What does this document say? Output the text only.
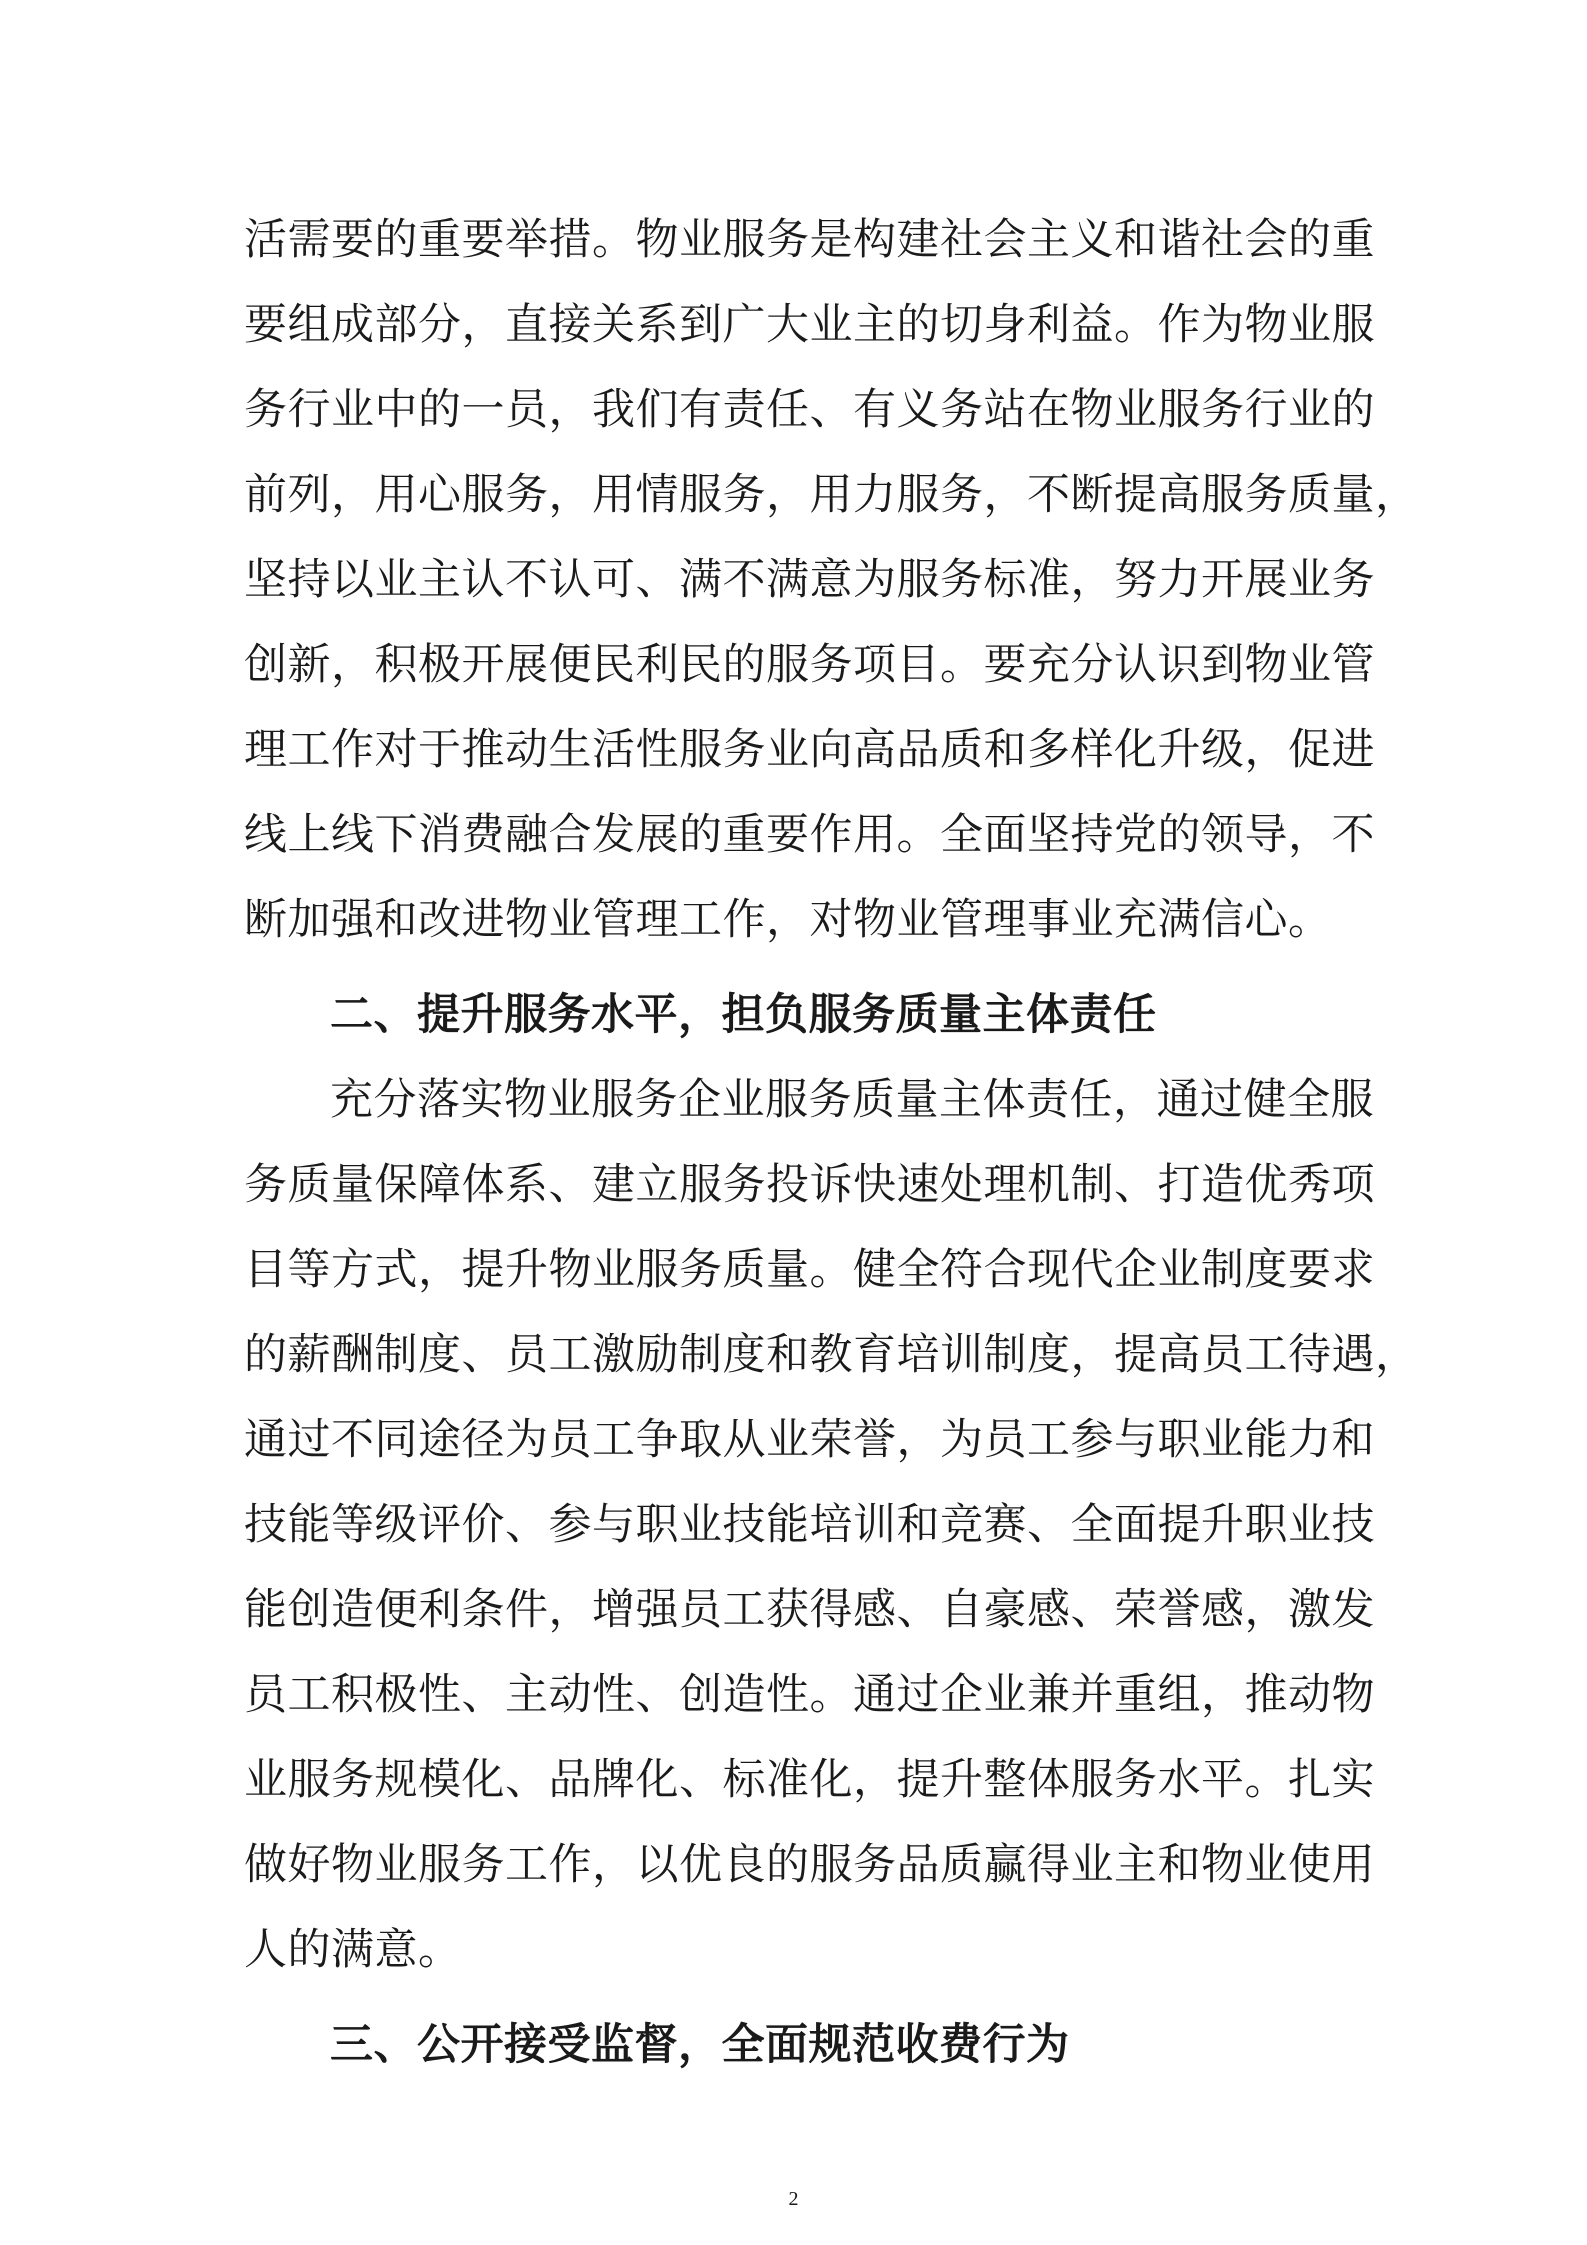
活需要的重要举措。物业服务是构建社会主义和谐社会的重
要组成部分，直接关系到广大业主的切身利益。作为物业服
务行业中的一员，我们有责任、有义务站在物业服务行业的
前列，用心服务，用情服务，用力服务，不断提高服务质量，
坚持以业主认不认可、满不满意为服务标准，努力开展业务
创新，积极开展便民利民的服务项目。要充分认识到物业管
理工作对于推动生活性服务业向高品质和多样化升级，促进
线上线下消费融合发展的重要作用。全面坚持党的领导，不
断加强和改进物业管理工作，对物业管理事业充满信心。
二、提升服务水平，担负服务质量主体责任
充分落实物业服务企业服务质量主体责任，通过健全服
务质量保障体系、建立服务投诉快速处理机制、打造优秀项
目等方式，提升物业服务质量。健全符合现代企业制度要求
的薪酬制度、员工激励制度和教育培训制度，提高员工待遇，
通过不同途径为员工争取从业荣誉，为员工参与职业能力和
技能等级评价、参与职业技能培训和竞赛、全面提升职业技
能创造便利条件，增强员工获得感、自豪感、荣誉感，激发
员工积极性、主动性、创造性。通过企业兼并重组，推动物
业服务规模化、品牌化、标准化，提升整体服务水平。扎实
做好物业服务工作，以优良的服务品质赢得业主和物业使用
人的满意。
三、公开接受监督，全面规范收费行为
2
